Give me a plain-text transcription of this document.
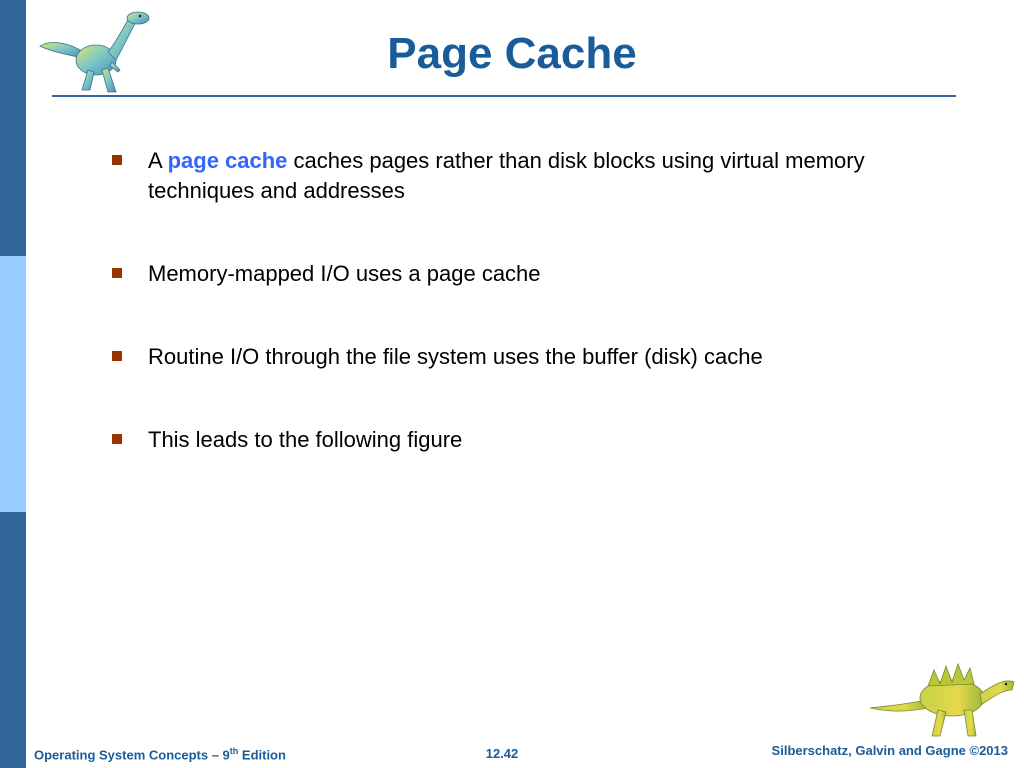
Page Cache
A page cache caches pages rather than disk blocks using virtual memory techniques and addresses
Memory-mapped I/O uses a page cache
Routine I/O through the file system uses the buffer (disk) cache
This leads to the following figure
Operating System Concepts – 9th Edition	12.42	Silberschatz, Galvin and Gagne ©2013
